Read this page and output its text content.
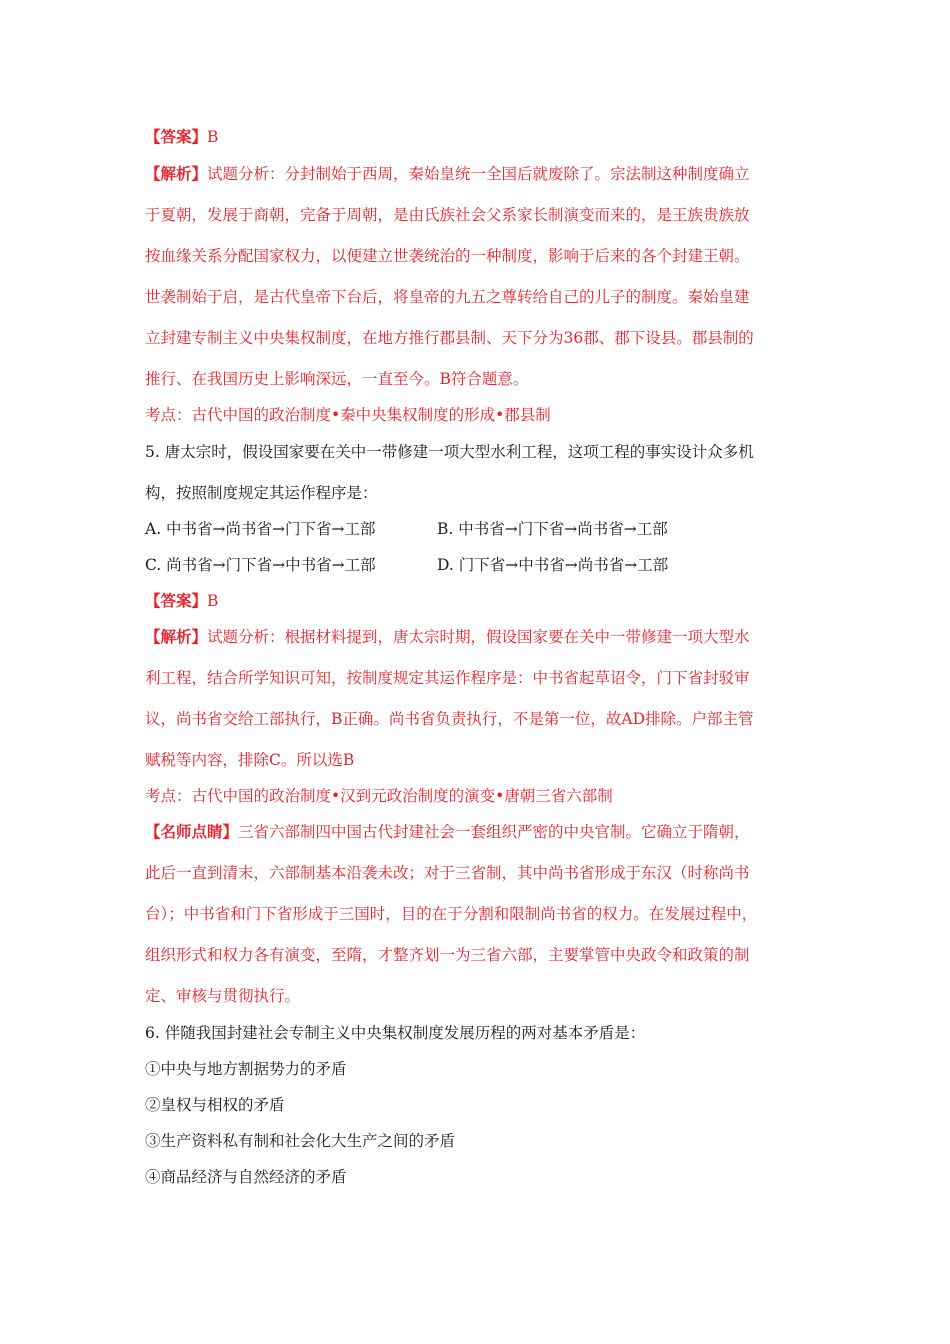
【答案】B
【解析】试题分析：分封制始于西周，秦始皇统一全国后就废除了。宗法制这种制度确立
于夏朝，发展于商朝，完备于周朝，是由氏族社会父系家长制演变而来的，是王族贵族放
按血缘关系分配国家权力，以便建立世袭统治的一种制度，影响于后来的各个封建王朝。
世袭制始于启，是古代皇帝下台后，将皇帝的九五之尊转给自己的儿子的制度。秦始皇建
立封建专制主义中央集权制度，在地方推行郡县制、天下分为36郡、郡下设县。郡县制的
推行、在我国历史上影响深远，一直至今。B符合题意。
考点：古代中国的政治制度•秦中央集权制度的形成•郡县制
5. 唐太宗时，假设国家要在关中一带修建一项大型水利工程，这项工程的事实设计众多机
构，按照制度规定其运作程序是：
A. 中书省→尚书省→门下省→工部	B. 中书省→门下省→尚书省→工部
C. 尚书省→门下省→中书省→工部	D. 门下省→中书省→尚书省→工部
【答案】B
【解析】试题分析：根据材料提到，唐太宗时期，假设国家要在关中一带修建一项大型水
利工程，结合所学知识可知，按制度规定其运作程序是：中书省起草诏令，门下省封驳审
议，尚书省交给工部执行，B正确。尚书省负责执行，不是第一位，故AD排除。户部主管
赋税等内容，排除C。所以选B
考点：古代中国的政治制度•汉到元政治制度的演变•唐朝三省六部制
【名师点睛】三省六部制四中国古代封建社会一套组织严密的中央官制。它确立于隋朝，
此后一直到清末，六部制基本沿袭未改；对于三省制，其中尚书省形成于东汉（时称尚书
台）；中书省和门下省形成于三国时，目的在于分割和限制尚书省的权力。在发展过程中，
组织形式和权力各有演变，至隋，才整齐划一为三省六部，主要掌管中央政令和政策的制
定、审核与贯彻执行。
6. 伴随我国封建社会专制主义中央集权制度发展历程的两对基本矛盾是：
①中央与地方割据势力的矛盾
②皇权与相权的矛盾
③生产资料私有制和社会化大生产之间的矛盾
④商品经济与自然经济的矛盾
